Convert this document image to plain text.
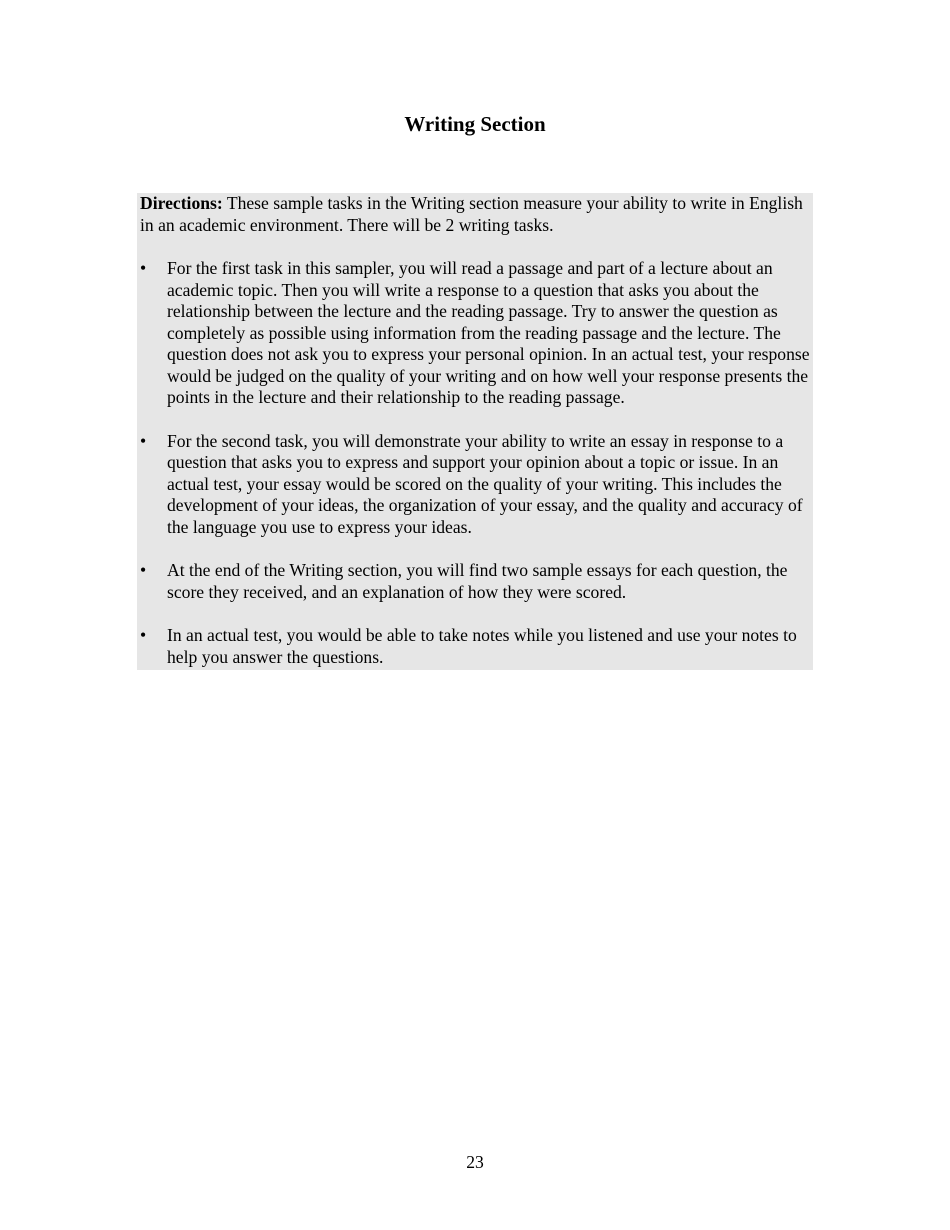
Writing Section

Directions: These sample tasks in the Writing section measure your ability to write in English in an academic environment. There will be 2 writing tasks.

• For the first task in this sampler, you will read a passage and part of a lecture about an academic topic. Then you will write a response to a question that asks you about the relationship between the lecture and the reading passage. Try to answer the question as completely as possible using information from the reading passage and the lecture. The question does not ask you to express your personal opinion. In an actual test, your response would be judged on the quality of your writing and on how well your response presents the points in the lecture and their relationship to the reading passage.
• For the second task, you will demonstrate your ability to write an essay in response to a question that asks you to express and support your opinion about a topic or issue. In an actual test, your essay would be scored on the quality of your writing. This includes the development of your ideas, the organization of your essay, and the quality and accuracy of the language you use to express your ideas.
• At the end of the Writing section, you will find two sample essays for each question, the score they received, and an explanation of how they were scored.
• In an actual test, you would be able to take notes while you listened and use your notes to help you answer the questions.
23
